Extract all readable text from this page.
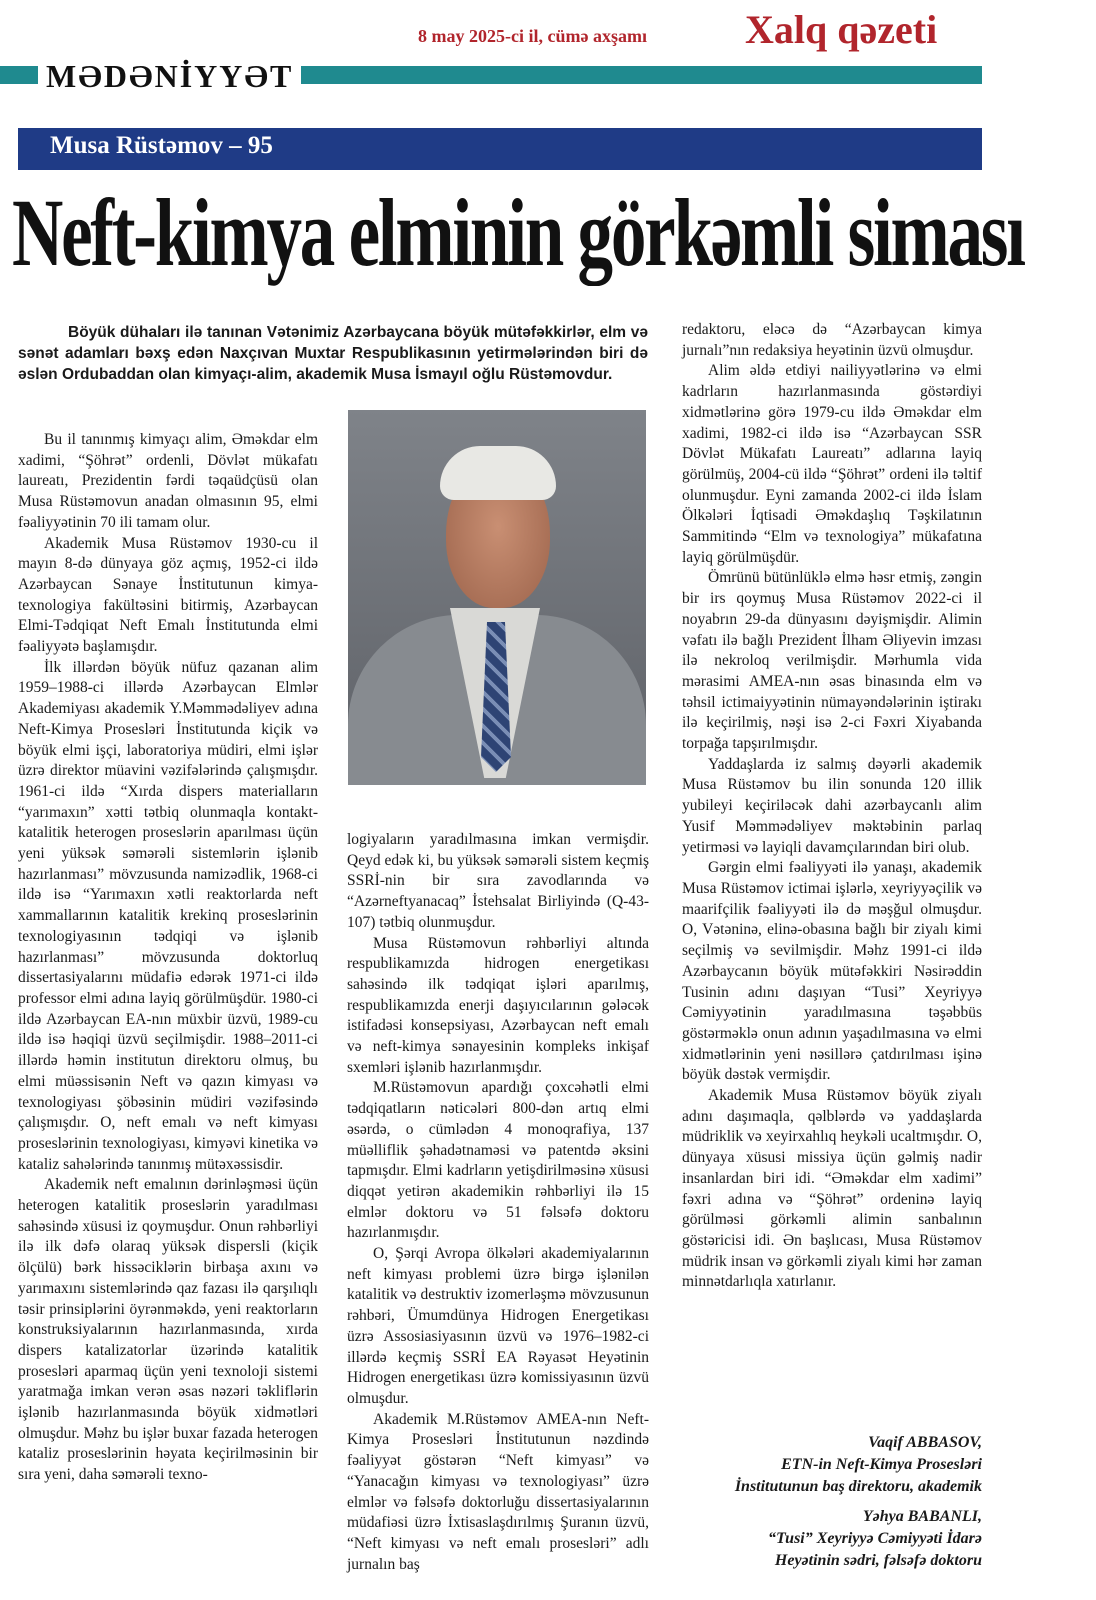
8 may 2025-ci il, cümə axşamı Xalq qəzeti
MƏDƏNİYYƏT
Musa Rüstəmov – 95
Neft-kimya elminin görkəmli siması

Böyük dühaları ilə tanınan Vətənimiz Azərbaycana böyük mütəfəkkirlər, elm və sənət adamları bəxş edən Naxçıvan Muxtar Respublikasının yetirmələrindən biri də əslən Ordubaddan olan kimyaçı-alim, akademik Musa İsmayıl oğlu Rüstəmovdur.

Bu il tanınmış kimyaçı alim, Əməkdar elm xadimi, “Şöhrət” ordenli, Dövlət mükafatı laureatı, Prezidentin fərdi təqaüdçüsü olan Musa Rüstəmovun anadan olmasının 95, elmi fəaliyyətinin 70 ili tamam olur.

Akademik Musa Rüstəmov 1930-cu il mayın 8-də dünyaya göz açmış, 1952-ci ildə Azərbaycan Sənaye İnstitutunun kimya-texnologiya fakültəsini bitirmiş, Azərbaycan Elmi-Tədqiqat Neft Emalı İnstitutunda elmi fəaliyyətə başlamışdır.

İlk illərdən böyük nüfuz qazanan alim 1959–1988-ci illərdə Azərbaycan Elmlər Akademiyası akademik Y.Məmmədəliyev adına Neft-Kimya Prosesləri İnstitutunda kiçik və böyük elmi işçi, laboratoriya müdiri, elmi işlər üzrə direktor müavini vəzifələrində çalışmışdır. 1961-ci ildə “Xırda dispers materialların “yarımaxın” xətti tətbiq olunmaqla kontakt-katalitik heterogen proseslərin aparılması üçün yeni yüksək səmərəli sistemlərin işlənib hazırlanması” mövzusunda namizədlik, 1968-ci ildə isə “Yarımaxın xətli reaktorlarda neft xammallarının katalitik krekinq proseslərinin texnologiyasının tədqiqi və işlənib hazırlanması” mövzusunda doktorluq dissertasiyalarını müdafiə edərək 1971-ci ildə professor elmi adına layiq görülmüşdür. 1980-ci ildə Azərbaycan EA-nın müxbir üzvü, 1989-cu ildə isə həqiqi üzvü seçilmişdir. 1988–2011-ci illərdə həmin institutun direktoru olmuş, bu elmi müəssisənin Neft və qazın kimyası və texnologiyası şöbəsinin müdiri vəzifəsində çalışmışdır. O, neft emalı və neft kimyası proseslərinin texnologiyası, kimyəvi kinetika və kataliz sahələrində tanınmış mütəxəssisdir.

Akademik neft emalının dərinləşməsi üçün heterogen katalitik proseslərin yaradılması sahəsində xüsusi iz qoymuşdur. Onun rəhbərliyi ilə ilk dəfə olaraq yüksək dispersli (kiçik ölçülü) bərk hissəciklərin birbaşa axını və yarımaxını sistemlərində qaz fazası ilə qarşılıqlı təsir prinsiplərini öyrənməkdə, yeni reaktorların konstruksiyalarının hazırlanmasında, xırda dispers katalizatorlar üzərində katalitik prosesləri aparmaq üçün yeni texnoloji sistemi yaratmağa imkan verən əsas nəzəri təkliflərin işlənib hazırlanmasında böyük xidmətləri olmuşdur. Məhz bu işlər buxar fazada heterogen kataliz proseslərinin həyata keçirilməsinin bir sıra yeni, daha səmərəli texno-

logiyaların yaradılmasına imkan vermişdir. Qeyd edək ki, bu yüksək səmərəli sistem keçmiş SSRİ-nin bir sıra zavodlarında və “Azərneftyanacaq” İstehsalat Birliyində (Q-43-107) tətbiq olunmuşdur.

Musa Rüstəmovun rəhbərliyi altında respublikamızda hidrogen energetikası sahəsində ilk tədqiqat işləri aparılmış, respublikamızda enerji daşıyıcılarının gələcək istifadəsi konsepsiyası, Azərbaycan neft emalı və neft-kimya sənayesinin kompleks inkişaf sxemləri işlənib hazırlanmışdır.

M.Rüstəmovun apardığı çoxcəhətli elmi tədqiqatların nəticələri 800-dən artıq elmi əsərdə, o cümlədən 4 monoqrafiya, 137 müəlliflik şəhadətnaməsi və patentdə əksini tapmışdır. Elmi kadrların yetişdirilməsinə xüsusi diqqət yetirən akademikin rəhbərliyi ilə 15 elmlər doktoru və 51 fəlsəfə doktoru hazırlanmışdır.

O, Şərqi Avropa ölkələri akademiyalarının neft kimyası problemi üzrə birgə işlənilən katalitik və destruktiv izomerləşmə mövzusunun rəhbəri, Ümumdünya Hidrogen Energetikası üzrə Assosiasiyasının üzvü və 1976–1982-ci illərdə keçmiş SSRİ EA Rəyasət Heyətinin Hidrogen energetikası üzrə komissiyasının üzvü olmuşdur.

Akademik M.Rüstəmov AMEA-nın Neft-Kimya Prosesləri İnstitutunun nəzdində fəaliyyət göstərən “Neft kimyası” və “Yanacağın kimyası və texnologiyası” üzrə elmlər və fəlsəfə doktorluğu dissertasiyalarının müdafiəsi üzrə İxtisaslaşdırılmış Şuranın üzvü, “Neft kimyası və neft emalı prosesləri” adlı jurnalın baş

redaktoru, eləcə də “Azərbaycan kimya jurnalı”nın redaksiya heyətinin üzvü olmuşdur.

Alim əldə etdiyi nailiyyətlərinə və elmi kadrların hazırlanmasında göstərdiyi xidmətlərinə görə 1979-cu ildə Əməkdar elm xadimi, 1982-ci ildə isə “Azərbaycan SSR Dövlət Mükafatı Laureatı” adlarına layiq görülmüş, 2004-cü ildə “Şöhrət” ordeni ilə təltif olunmuşdur. Eyni zamanda 2002-ci ildə İslam Ölkələri İqtisadi Əməkdaşlıq Təşkilatının Sammitində “Elm və texnologiya” mükafatına layiq görülmüşdür.

Ömrünü bütünlüklə elmə həsr etmiş, zəngin bir irs qoymuş Musa Rüstəmov 2022-ci il noyabrın 29-da dünyasını dəyişmişdir. Alimin vəfatı ilə bağlı Prezident İlham Əliyevin imzası ilə nekroloq verilmişdir. Mərhumla vida mərasimi AMEA-nın əsas binasında elm və təhsil ictimaiyyətinin nümayəndələrinin iştirakı ilə keçirilmiş, nəşi isə 2-ci Fəxri Xiyabanda torpağa tapşırılmışdır.

Yaddaşlarda iz salmış dəyərli akademik Musa Rüstəmov bu ilin sonunda 120 illik yubileyi keçiriləcək dahi azərbaycanlı alim Yusif Məmmədəliyev məktəbinin parlaq yetirməsi və layiqli davamçılarından biri olub.

Gərgin elmi fəaliyyəti ilə yanaşı, akademik Musa Rüstəmov ictimai işlərlə, xeyriyyəçilik və maarifçilik fəaliyyəti ilə də məşğul olmuşdur. O, Vətəninə, elinə-obasına bağlı bir ziyalı kimi seçilmiş və sevilmişdir. Məhz 1991-ci ildə Azərbaycanın böyük mütəfəkkiri Nəsirəddin Tusinin adını daşıyan “Tusi” Xeyriyyə Cəmiyyətinin yaradılmasına təşəbbüs göstərməklə onun adının yaşadılmasına və elmi xidmətlərinin yeni nəsillərə çatdırılması işinə böyük dəstək vermişdir.

Akademik Musa Rüstəmov böyük ziyalı adını daşımaqla, qəlblərdə və yaddaşlarda müdriklik və xeyirxahlıq heykəli ucaltmışdır. O, dünyaya xüsusi missiya üçün gəlmiş nadir insanlardan biri idi. “Əməkdar elm xadimi” fəxri adına və “Şöhrət” ordeninə layiq görülməsi görkəmli alimin sanbalının göstəricisi idi. Ən başlıcası, Musa Rüstəmov müdrik insan və görkəmli ziyalı kimi hər zaman minnətdarlıqla xatırlanır.

Vaqif ABBASOV,
ETN-in Neft-Kimya Prosesləri
İnstitutunun baş direktoru, akademik
Yəhya BABANLI,
“Tusi” Xeyriyyə Cəmiyyəti İdarə
Heyətinin sədri, fəlsəfə doktoru
